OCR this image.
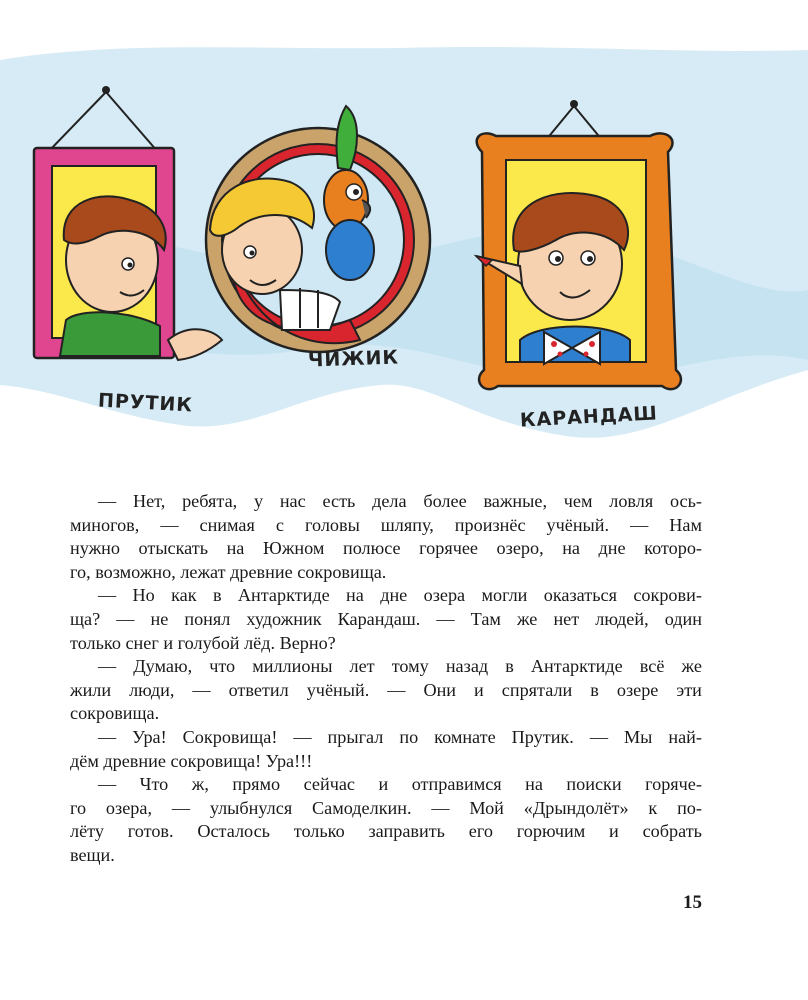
ПРУТИК
ЧИЖИК
КАРАНДАШ
— Нет, ребята, у нас есть дела более важные, чем ловля ось-
миногов, — снимая с головы шляпу, произнёс учёный. — Нам
нужно отыскать на Южном полюсе горячее озеро, на дне которо-
го, возможно, лежат древние сокровища.
— Но как в Антарктиде на дне озера могли оказаться сокрови-
ща? — не понял художник Карандаш. — Там же нет людей, один
только снег и голубой лёд. Верно?
— Думаю, что миллионы лет тому назад в Антарктиде всё же
жили люди, — ответил учёный. — Они и спрятали в озере эти
сокровища.
— Ура! Сокровища! — прыгал по комнате Прутик. — Мы най-
дём древние сокровища! Ура!!!
— Что ж, прямо сейчас и отправимся на поиски горяче-
го озера, — улыбнулся Самоделкин. — Мой «Дрындолёт» к по-
лёту готов. Осталось только заправить его горючим и собрать
вещи.
15
